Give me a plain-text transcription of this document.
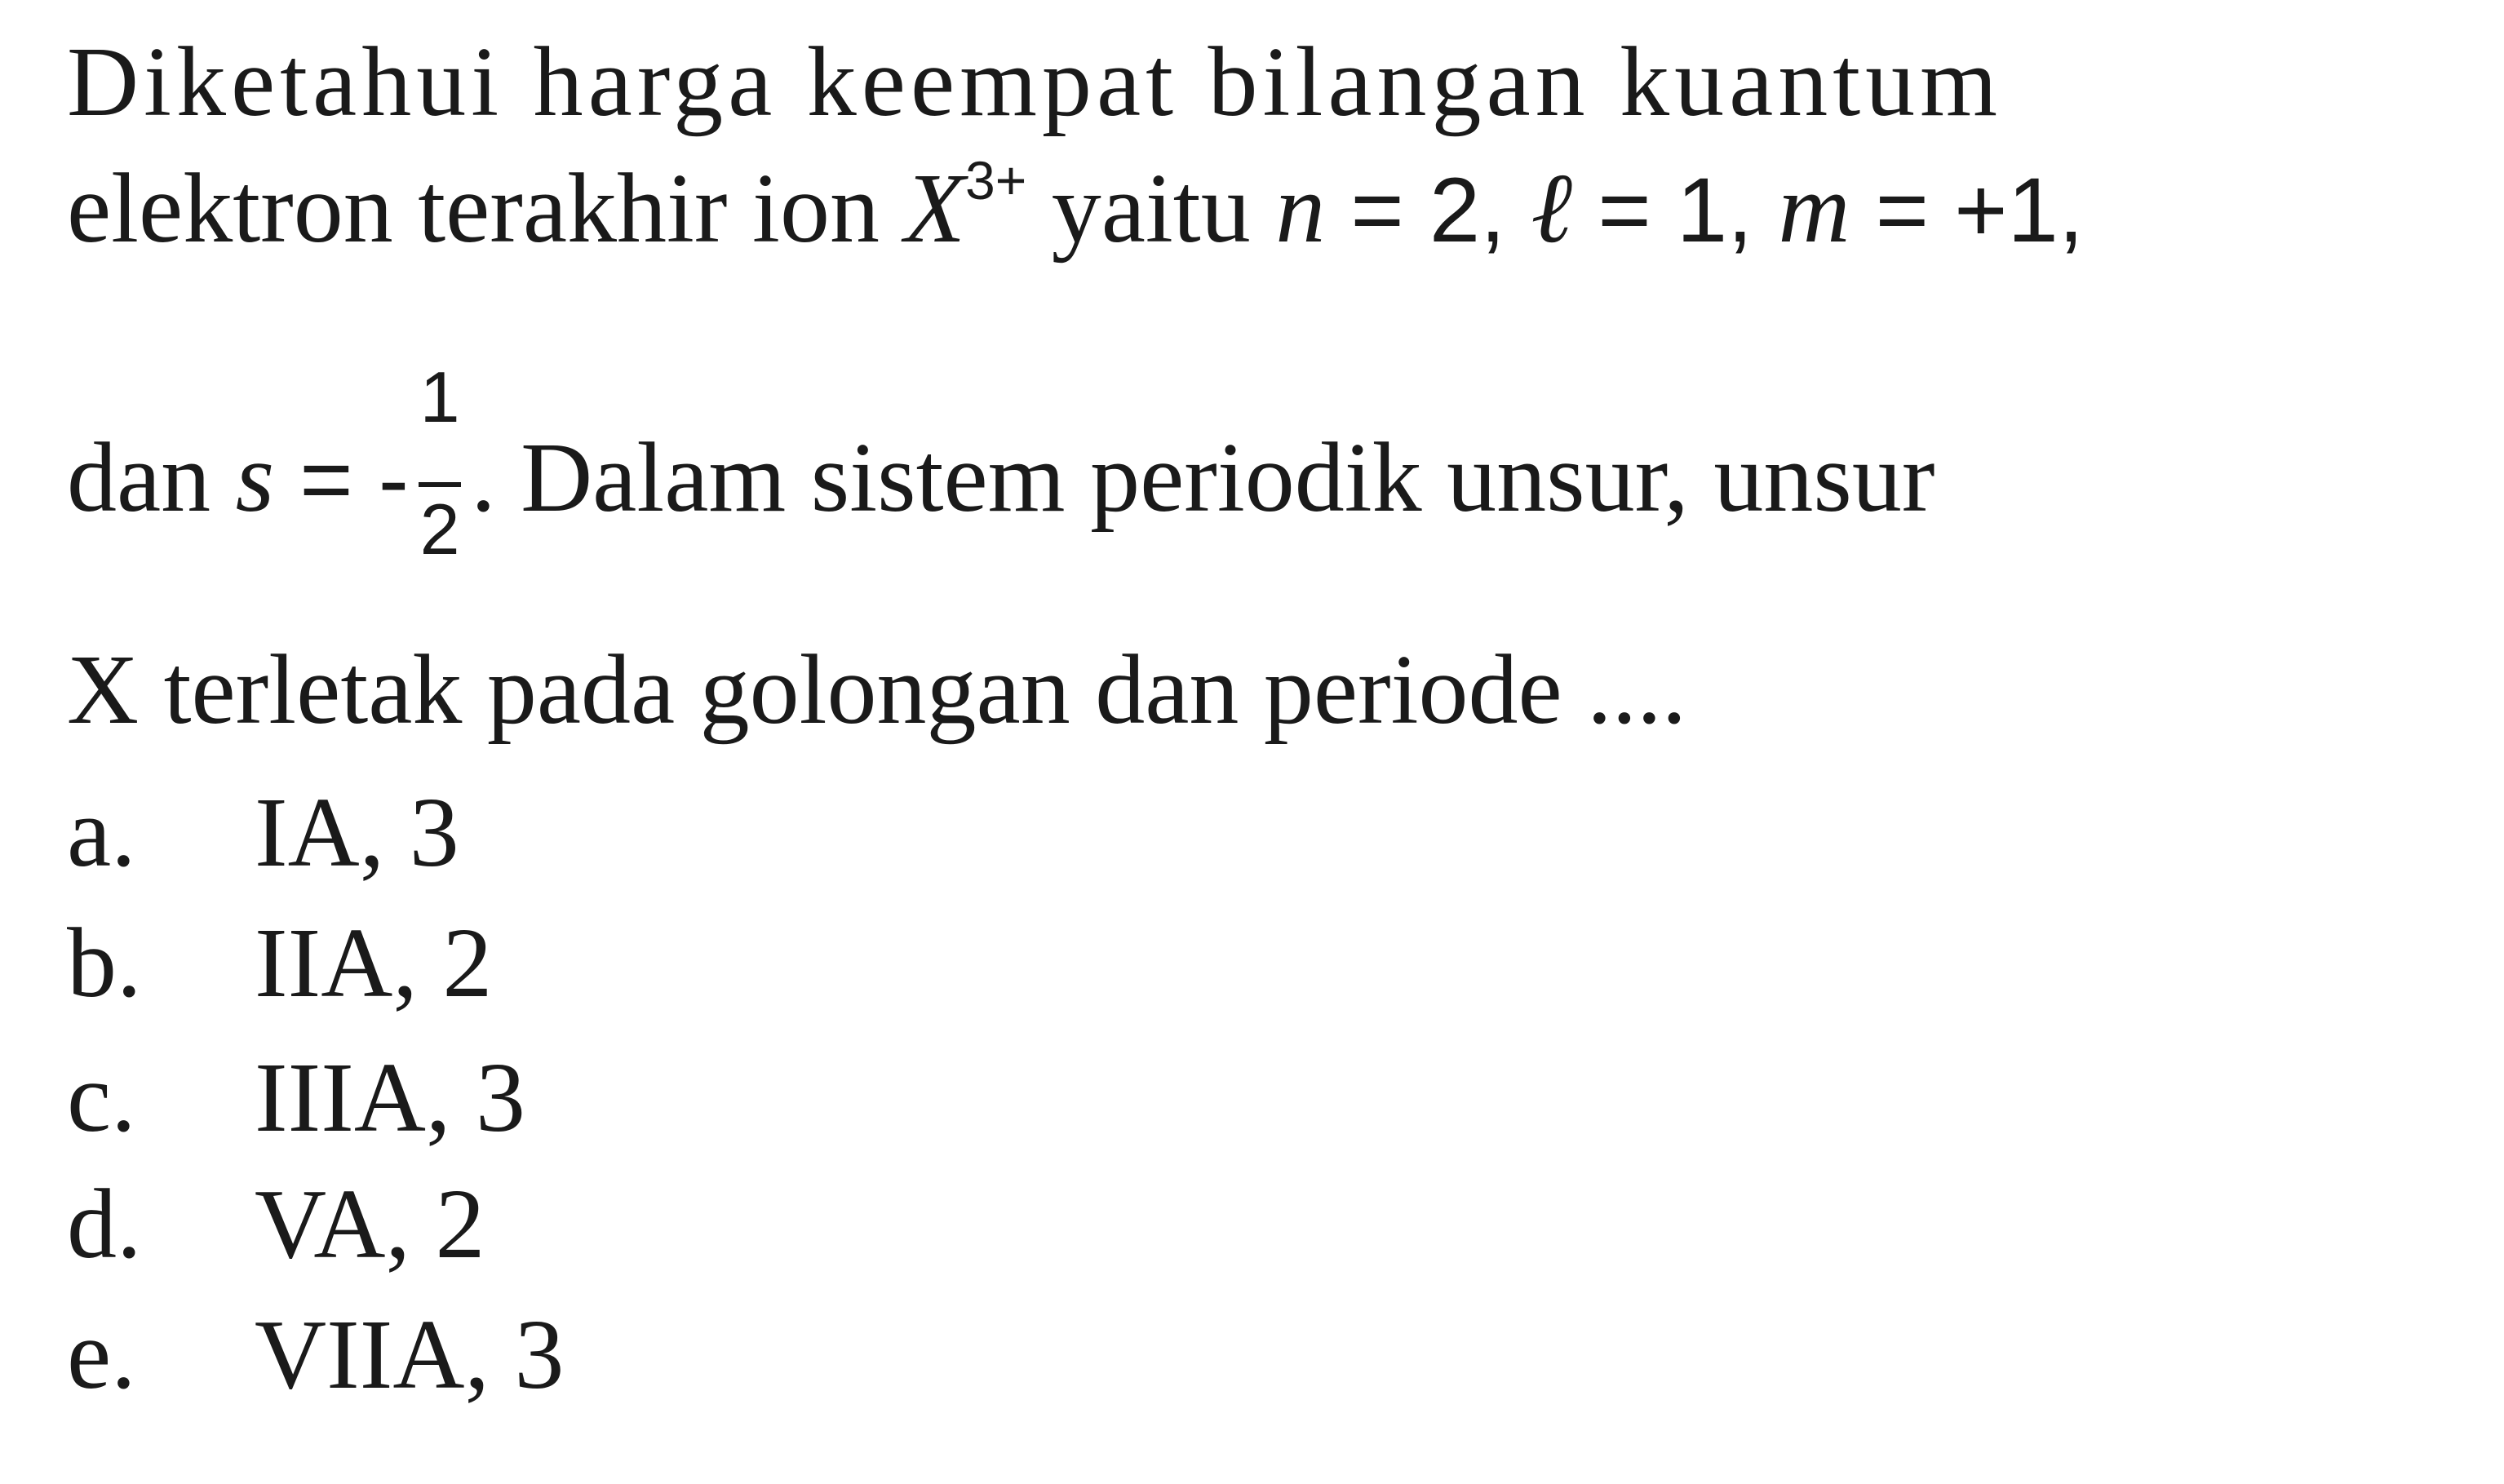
Diketahui harga keempat bilangan kuantum
elektron terakhir ion $X^{3+}$ yaitu n = 2, ℓ = 1, m = +1,
dan s = -
1
2 . Dalam sistem periodik unsur, unsur
X terletak pada golongan dan periode ....
a. IA, 3
b. IIA, 2
c. IIIA, 3
d. VA, 2
e. VIIA, 3
